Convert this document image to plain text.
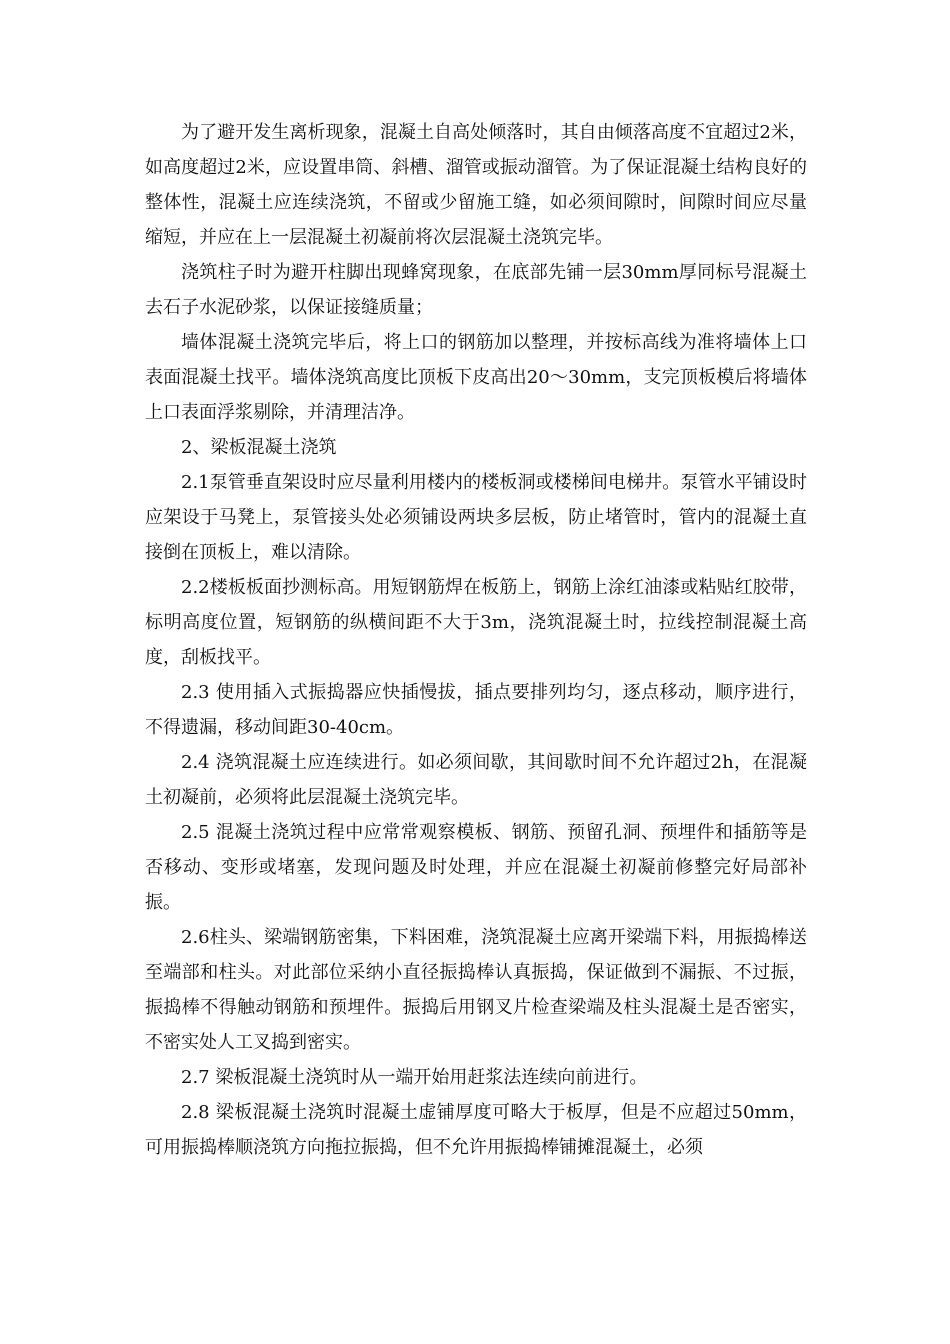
为了避开发生离析现象，混凝土自高处倾落时，其自由倾落高度不宜超过2米，如高度超过2米，应设置串筒、斜槽、溜管或振动溜管。为了保证混凝土结构良好的整体性，混凝土应连续浇筑，不留或少留施工缝，如必须间隙时，间隙时间应尽量缩短，并应在上一层混凝土初凝前将次层混凝土浇筑完毕。

浇筑柱子时为避开柱脚出现蜂窝现象，在底部先铺一层30mm厚同标号混凝土去石子水泥砂浆，以保证接缝质量；

墙体混凝土浇筑完毕后，将上口的钢筋加以整理，并按标高线为准将墙体上口表面混凝土找平。墙体浇筑高度比顶板下皮高出20～30mm，支完顶板模后将墙体上口表面浮浆剔除，并清理洁净。

2、梁板混凝土浇筑

2.1泵管垂直架设时应尽量利用楼内的楼板洞或楼梯间电梯井。泵管水平铺设时应架设于马凳上，泵管接头处必须铺设两块多层板，防止堵管时，管内的混凝土直接倒在顶板上，难以清除。

2.2楼板板面抄测标高。用短钢筋焊在板筋上，钢筋上涂红油漆或粘贴红胶带，标明高度位置，短钢筋的纵横间距不大于3m，浇筑混凝土时，拉线控制混凝土高度，刮板找平。

2.3 使用插入式振捣器应快插慢拔，插点要排列均匀，逐点移动，顺序进行，不得遗漏，移动间距30-40cm。

2.4 浇筑混凝土应连续进行。如必须间歇，其间歇时间不允许超过2h，在混凝土初凝前，必须将此层混凝土浇筑完毕。

2.5 混凝土浇筑过程中应常常观察模板、钢筋、预留孔洞、预埋件和插筋等是否移动、变形或堵塞，发现问题及时处理，并应在混凝土初凝前修整完好局部补振。

2.6柱头、梁端钢筋密集，下料困难，浇筑混凝土应离开梁端下料，用振捣棒送至端部和柱头。对此部位采纳小直径振捣棒认真振捣，保证做到不漏振、不过振，振捣棒不得触动钢筋和预埋件。振捣后用钢叉片检查梁端及柱头混凝土是否密实，不密实处人工叉捣到密实。

2.7 梁板混凝土浇筑时从一端开始用赶浆法连续向前进行。

2.8 梁板混凝土浇筑时混凝土虚铺厚度可略大于板厚，但是不应超过50mm，可用振捣棒顺浇筑方向拖拉振捣，但不允许用振捣棒铺摊混凝土，必须
